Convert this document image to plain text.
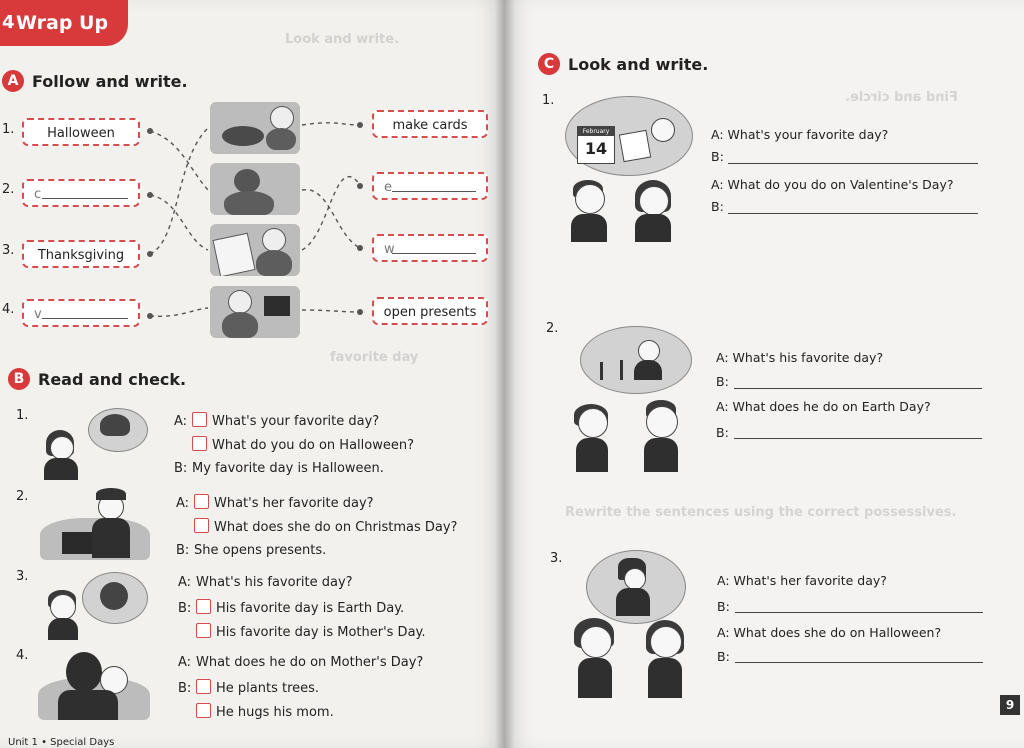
Look and write.
favorite day
4 Wrap Up
A Follow and write.
1.	Halloween
2. c
3.	Thanksgiving
4. v
make cards
e
w
open presents
B Read and check.
1.	A: What's your favorite day?
What do you do on Halloween?
B: My favorite day is Halloween.
2.	A: What's her favorite day?
What does she do on Christmas Day?
B: She opens presents.
3.	A: What's his favorite day?
B: His favorite day is Earth Day.
His favorite day is Mother's Day.
4.	A: What does he do on Mother's Day?
B: He plants trees.
He hugs his mom.
Unit 1 • Special Days
Find and circle.
Rewrite the sentences using the correct possessives.
C Look and write.
1.
February
14
A: What's your favorite day?
B:
A: What do you do on Valentine's Day?
B:
2.
A: What's his favorite day?
B:
A: What does he do on Earth Day?
B:
3.
A: What's her favorite day?
B:
A: What does she do on Halloween?
B:
9
